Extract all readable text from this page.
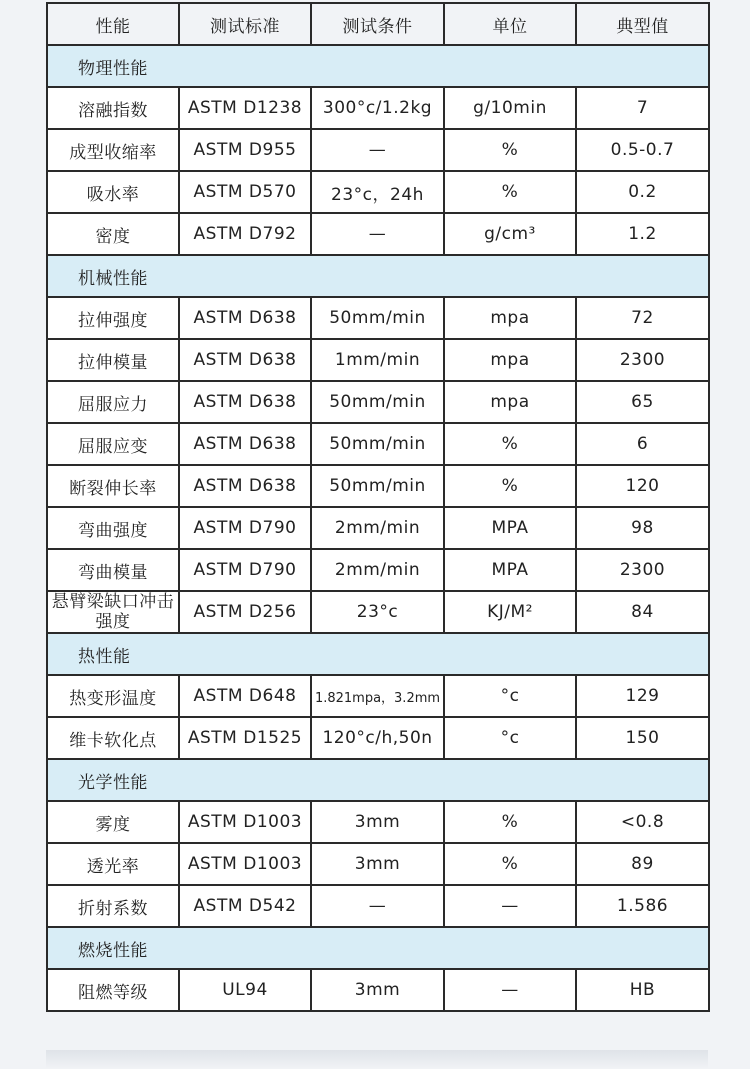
性能	测试标准	测试条件	单位	典型值
物理性能				
溶融指数	ASTM D1238	300°c/1.2kg	g/10min	7
成型收缩率	ASTM D955	—	%	0.5-0.7
吸水率	ASTM D570	23°c，24h	%	0.2
密度	ASTM D792	—	g/cm³	1.2
机械性能				
拉伸强度	ASTM D638	50mm/min	mpa	72
拉伸模量	ASTM D638	1mm/min	mpa	2300
屈服应力	ASTM D638	50mm/min	mpa	65
屈服应变	ASTM D638	50mm/min	%	6
断裂伸长率	ASTM D638	50mm/min	%	120
弯曲强度	ASTM D790	2mm/min	MPA	98
弯曲模量	ASTM D790	2mm/min	MPA	2300
悬臂梁缺口冲击强度	ASTM D256	23°c	KJ/M²	84
热性能				
热变形温度	ASTM D648	1.821mpa，3.2mm	°c	129
维卡软化点	ASTM D1525	120°c/h,50n	°c	150
光学性能				
雾度	ASTM D1003	3mm	%	<0.8
透光率	ASTM D1003	3mm	%	89
折射系数	ASTM D542	—	—	1.586
燃烧性能				
阻燃等级	UL94	3mm	—	HB
